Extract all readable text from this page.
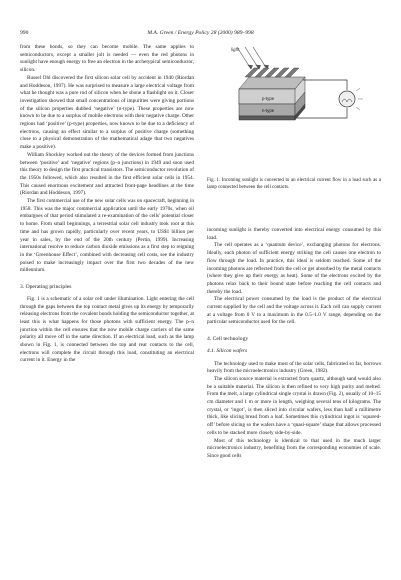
990	M.A. Green / Energy Policy 28 (2000) 989–998

from these bonds, so they can become mobile. The same applies to semiconductors, except a smaller jolt is needed — even the red photons in sunlight have enough energy to free an electron in the archetypical semiconductor, silicon.

Russel Ohl discovered the first silicon solar cell by accident in 1940 (Riordan and Hoddeson, 1997). He was surprised to measure a large electrical voltage from what he thought was a pure rod of silicon when he shone a flashlight on it. Closer investigation showed that small concentrations of impurities were giving portions of the silicon properties dubbed ‘negative’ (n-type). These properties are now known to be due to a surplus of mobile electrons with their negative charge. Other regions had ‘positive’ (p-type) properties, now known to be due to a deficiency of electrons, causing an effect similar to a surplus of positive charge (something close to a physical demonstration of the mathematical adage that two negatives make a positive).

William Shockley worked out the theory of the devices formed from junctions between ‘positive’ and ‘negative’ regions (p–n junctions) in 1949 and soon used this theory to design the first practical transistors. The semiconductor revolution of the 1950s followed, which also resulted in the first efficient solar cells in 1954. This caused enormous excitement and attracted front-page headlines at the time (Riordan and Hoddeson, 1997).

The first commercial use of the new solar cells was on spacecraft, beginning in 1958. This was the major commercial application until the early 1970s, when oil embargoes of that period stimulated a re-examination of the cells' potential closer to home. From small beginnings, a terrestrial solar cell industry took root at this time and has grown rapidly, particularly over recent years, to US$1 billion per year in sales, by the end of the 20th century (Pertin, 1999). Increasing international resolve to reduce carbon dioxide emissions as a first step to reigning in the ‘Greenhouse Effect’, combined with decreasing cell costs, see the industry poised to make increasingly impact over the first two decades of the new millennium.

3. Operating principles

Fig. 1 is a schematic of a solar cell under illumination. Light entering the cell through the gaps between the top contact metal gives up its energy by temporarily releasing electrons from the covalent bonds holding the semiconductor together, at least this is what happens for those photons with sufficient energy. The p–n junction within the cell ensures that the now mobile charge carriers of the same polarity all move off in the same direction. If an electrical load, such as the lamp shown in Fig. 1, is connected between the top and rear contacts to the cell, electrons will complete the circuit through this load, constituting an electrical current in it. Energy in the

light
p-type
n-type
Fig. 1. Incoming sunlight is converted to an electrical current flow in a load such as a lamp connected between the cell contacts.

incoming sunlight is thereby converted into electrical energy consumed by this load.

The cell operates as a ‘quantum device’, exchanging photons for electrons. Ideally, each photon of sufficient energy striking the cell causes one electron to flow through the load. In practice, this ideal is seldom reached. Some of the incoming photons are reflected from the cell or get absorbed by the metal contacts (where they give up their energy as heat). Some of the electrons excited by the photons relax back to their bound state before reaching the cell contacts and thereby the load.

The electrical power consumed by the load is the product of the electrical current supplied by the cell and the voltage across it. Each cell can supply current at a voltage from 0 V to a maximum in the 0.5–1.0 V range, depending on the particular semiconductor used for the cell.

4. Cell technology
4.1. Silicon wafers

The technology used to make most of the solar cells, fabricated so far, borrows heavily from the microelectronics industry (Green, 1982).

The silicon source material is extracted from quartz, although sand would also be a suitable material. The silicon is then refined to very high purity and melted. From the melt, a large cylindrical single crystal is drawn (Fig. 2), usually of 10–15 cm diameter and 1 m or more in length, weighing several tens of kilograms. The crystal, or ‘ingot’, is then sliced into circular wafers, less than half a millimetre thick, like slicing bread from a loaf. Sometimes this cylindrical ingot is ‘squared-off’ before slicing so the wafers have a ‘quasi-square’ shape that allows processed cells to be stacked more closely side-by-side.

Most of this technology is identical to that used in the much larger microelectronics industry, benefiting from the corresponding economies of scale. Since good cells
